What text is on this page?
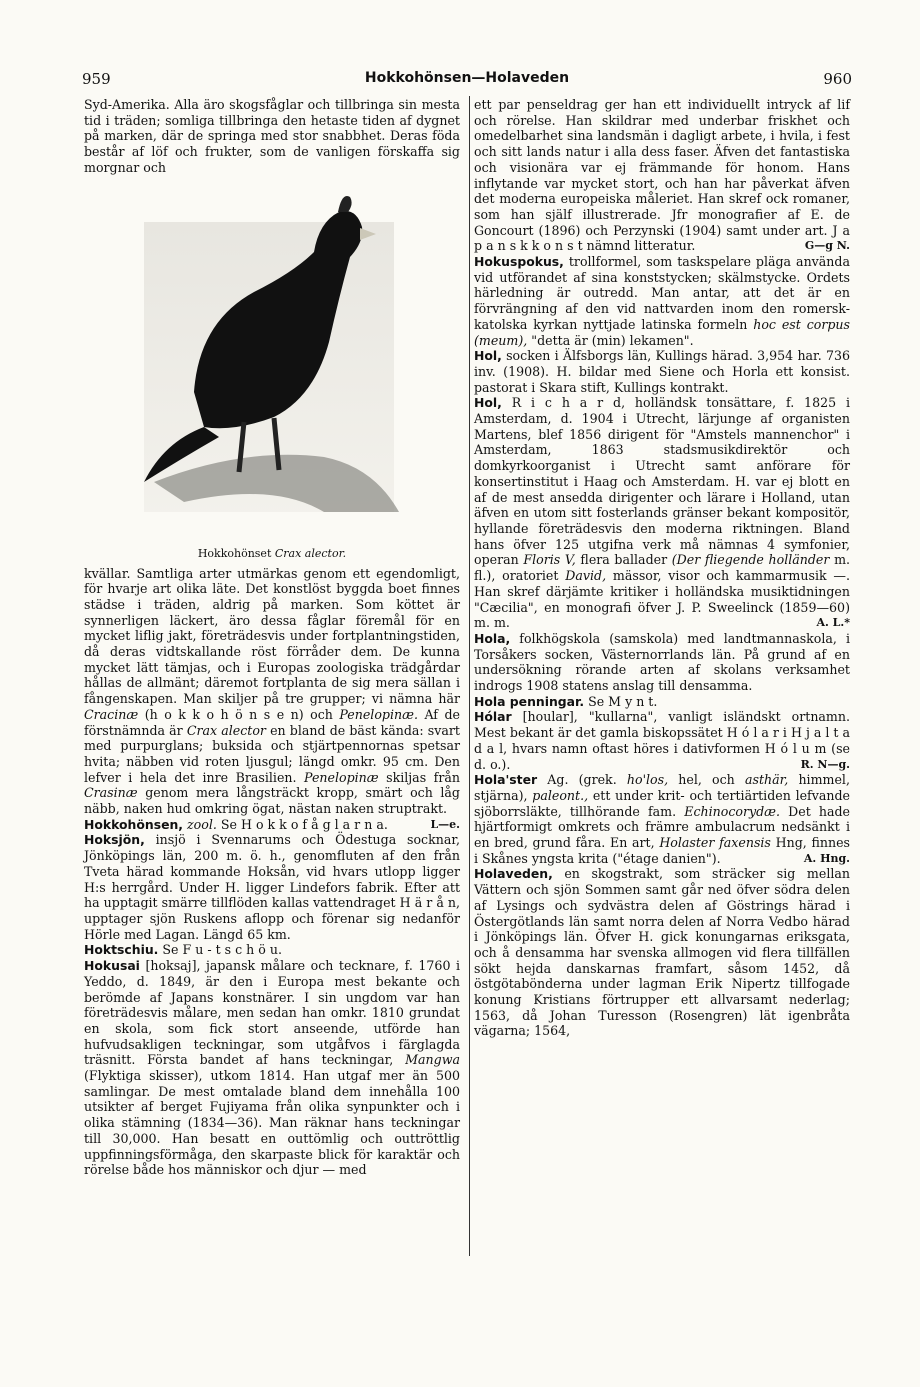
959	Hokkohönsen—Holaveden	960

Syd-Amerika. Alla äro skogsfåglar och tillbringa sin mesta tid i träden; somliga tillbringa den hetaste tiden af dygnet på marken, där de springa med stor snabbhet. Deras föda består af löf och frukter, som de vanligen förskaffa sig morgnar och

Hokkohönset Crax alector.

kvällar. Samtliga arter utmärkas genom ett egendomligt, för hvarje art olika läte. Det konstlöst byggda boet finnes städse i träden, aldrig på marken. Som köttet är synnerligen läckert, äro dessa fåglar föremål för en mycket liflig jakt, företrädesvis under fortplantningstiden, då deras vidtskallande röst förråder dem. De kunna mycket lätt tämjas, och i Europas zoologiska trädgårdar hållas de allmänt; däremot fortplanta de sig mera sällan i fångenskapen. Man skiljer på tre grupper; vi nämna här Cracinæ (h o k k o h ö n s e n) och Penelopinæ. Af de förstnämnda är Crax alector en bland de bäst kända: svart med purpurglans; buksida och stjärtpennornas spetsar hvita; näbben vid roten ljusgul; längd omkr. 95 cm. Den lefver i hela det inre Brasilien. Penelopinæ skiljas från Crasinæ genom mera långsträckt kropp, smärt och låg näbb, naken hud omkring ögat, nästan naken struptrakt.
L—e.

Hokkohönsen, zool. Se H o k k o f å g l a r n a.

Hoksjön, insjö i Svennarums och Ödestuga socknar, Jönköpings län, 200 m. ö. h., genomfluten af den från Tveta härad kommande Hoksån, vid hvars utlopp ligger H:s herrgård. Under H. ligger Lindefors fabrik. Efter att ha upptagit smärre tillflöden kallas vattendraget H ä r å n, upptager sjön Ruskens aflopp och förenar sig nedanför Hörle med Lagan. Längd 65 km.

Hoktschiu. Se F u - t s c h ö u.

Hokusai [hoksaj], japansk målare och tecknare, f. 1760 i Yeddo, d. 1849, är den i Europa mest bekante och berömde af Japans konstnärer. I sin ungdom var han företrädesvis målare, men sedan han omkr. 1810 grundat en skola, som fick stort anseende, utförde han hufvudsakligen teckningar, som utgåfvos i färglagda träsnitt. Första bandet af hans teckningar, Mangwa (Flyktiga skisser), utkom 1814. Han utgaf mer än 500 samlingar. De mest omtalade bland dem innehålla 100 utsikter af berget Fujiyama från olika synpunkter och i olika stämning (1834—36). Man räknar hans teckningar till 30,000. Han besatt en outtömlig och outtröttlig uppfinningsförmåga, den skarpaste blick för karaktär och rörelse både hos människor och djur — med

ett par penseldrag ger han ett individuellt intryck af lif och rörelse. Han skildrar med underbar friskhet och omedelbarhet sina landsmän i dagligt arbete, i hvila, i fest och sitt lands natur i alla dess faser. Äfven det fantastiska och visionära var ej främmande för honom. Hans inflytande var mycket stort, och han har påverkat äfven det moderna europeiska måleriet. Han skref ock romaner, som han själf illustrerade. Jfr monografier af E. de Goncourt (1896) och Perzynski (1904) samt under art. J a p a n s k k o n s t nämnd litteratur.	G—g N.

Hokuspokus, trollformel, som taskspelare pläga använda vid utförandet af sina konststycken; skälmstycke. Ordets härledning är outredd. Man antar, att det är en förvrängning af den vid nattvarden inom den romersk-katolska kyrkan nyttjade latinska formeln hoc est corpus (meum), "detta är (min) lekamen".

Hol, socken i Älfsborgs län, Kullings härad. 3,954 har. 736 inv. (1908). H. bildar med Siene och Horla ett konsist. pastorat i Skara stift, Kullings kontrakt.

Hol, R i c h a r d, holländsk tonsättare, f. 1825 i Amsterdam, d. 1904 i Utrecht, lärjunge af organisten Martens, blef 1856 dirigent för "Amstels mannenchor" i Amsterdam, 1863 stadsmusikdirektör och domkyrkoorganist i Utrecht samt anförare för konsertinstitut i Haag och Amsterdam. H. var ej blott en af de mest ansedda dirigenter och lärare i Holland, utan äfven en utom sitt fosterlands gränser bekant kompositör, hyllande företrädesvis den moderna riktningen. Bland hans öfver 125 utgifna verk må nämnas 4 symfonier, operan Floris V, flera ballader (Der fliegende holländer m. fl.), oratoriet David, mässor, visor och kammarmusik —. Han skref därjämte kritiker i holländska musiktidningen "Cæcilia", en monografi öfver J. P. Sweelinck (1859—60) m. m.	A. L.*

Hola, folkhögskola (samskola) med landtmannaskola, i Torsåkers socken, Västernorrlands län. På grund af en undersökning rörande arten af skolans verksamhet indrogs 1908 statens anslag till densamma.

Hola penningar. Se M y n t.

Hólar [hoular], "kullarna", vanligt isländskt ortnamn. Mest bekant är det gamla biskopssätet H ó l a r i H j a l t a d a l, hvars namn oftast höres i dativformen H ó l u m (se d. o.).	R. N—g.

Hola'ster Ag. (grek. ho'los, hel, och asthär, himmel, stjärna), paleont., ett under krit- och tertiärtiden lefvande sjöborrsläkte, tillhörande fam. Echinocorydæ. Det hade hjärtformigt omkrets och främre ambulacrum nedsänkt i en bred, grund fåra. En art, Holaster faxensis Hng, finnes i Skånes yngsta krita ("étage danien").	A. Hng.

Holaveden, en skogstrakt, som sträcker sig mellan Vättern och sjön Sommen samt går ned öfver södra delen af Lysings och sydvästra delen af Göstrings härad i Östergötlands län samt norra delen af Norra Vedbo härad i Jönköpings län. Öfver H. gick konungarnas eriksgata, och å densamma har svenska allmogen vid flera tillfällen sökt hejda danskarnas framfart, såsom 1452, då östgötabönderna under lagman Erik Nipertz tillfogade konung Kristians förtrupper ett allvarsamt nederlag; 1563, då Johan Turesson (Rosengren) lät igenbråta vägarna; 1564,
